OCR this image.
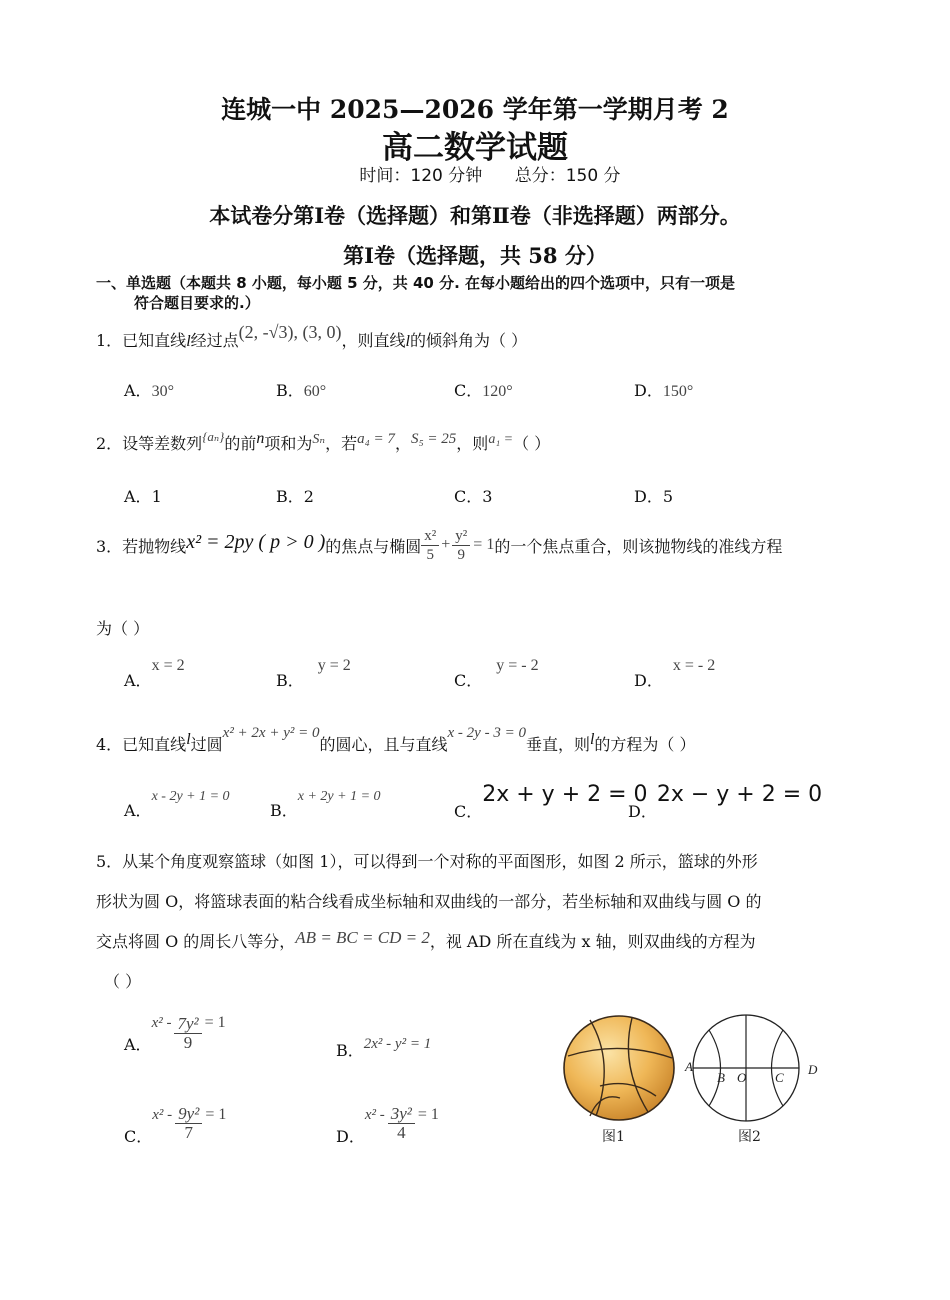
连城一中 2025—2026 学年第一学期月考 2
高二数学试题
时间：120 分钟      总分：150 分
本试卷分第Ⅰ卷（选择题）和第Ⅱ卷（非选择题）两部分。
第Ⅰ卷（选择题，共 58 分）
一、单选题（本题共 8 小题，每小题 5 分，共 40 分. 在每小题给出的四个选项中，只有一项是
符合题目要求的.）
1．已知直线l经过点(2, -√3), (3, 0)，则直线l的倾斜角为（ ）
A．30°	B．60°	C．120°	D．150°
2．设等差数列$^{\{a_n\}}$的前n项和为Sₙ，若a₄ = 7，S₅ = 25，则a₁ =（ ）
A．1	B．2	C．3	D．5
3．若抛物线 x² = 2py ( p > 0 ) 的焦点与椭圆 $\frac{\text{x²}}{5} + \frac{\text{y²}}{9} = 1$ 的一个焦点重合，则该抛物线的准线方程
为（ ）
A．x = 2
B．y = 2
C．y = - 2
D．x = - 2
4．已知直线l过圆x² + 2x + y² = 0的圆心，且与直线x - 2y - 3 = 0垂直，则l的方程为（ ）
A．x - 2y + 1 = 0
B．x + 2y + 1 = 0
C．2x + y + 2 = 0
D．2x − y + 2 = 0
5．从某个角度观察篮球（如图 1），可以得到一个对称的平面图形，如图 2 所示，篮球的外形
形状为圆 O，将篮球表面的粘合线看成坐标轴和双曲线的一部分，若坐标轴和双曲线与圆 O 的
交点将圆 O 的周长八等分，AB = BC = CD = 2，视 AD 所在直线为 x 轴，则双曲线的方程为
（ ）
A．
$x^2 - \frac{\text{7y²}}{9} = 1$
B．2x² - y² = 1
C．
$x^2 - \frac{\text{9y²}}{7} = 1$
D．
$x^2 - \frac{\text{3y²}}{4} = 1$
图1
A
B O C
D
图2
